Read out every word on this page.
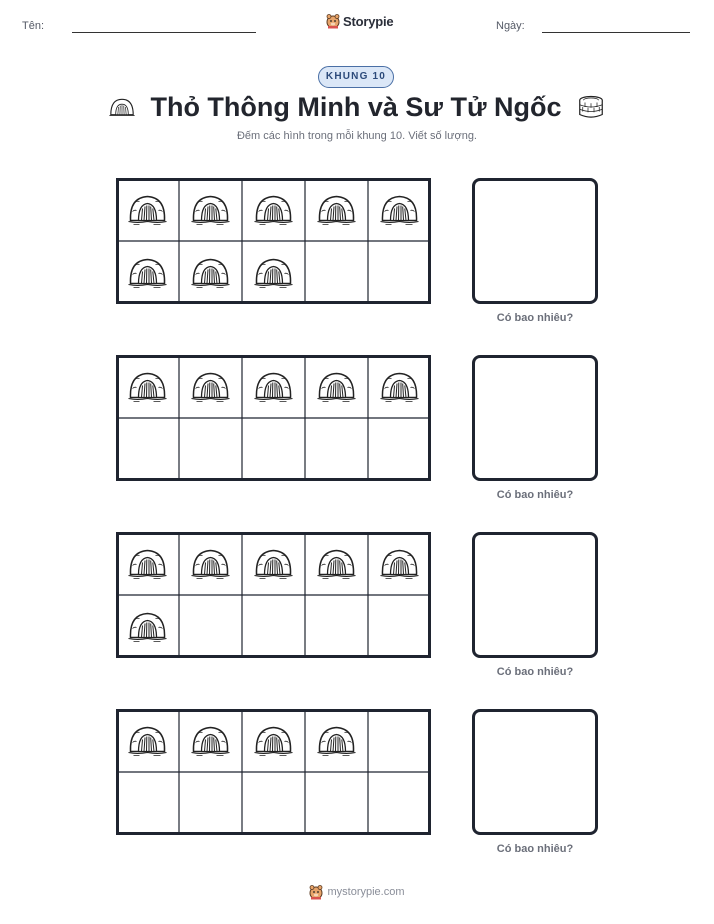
Tên:	Storypie	Ngày:
KHUNG 10
Thỏ Thông Minh và Sư Tử Ngốc
Đếm các hình trong mỗi khung 10. Viết số lượng.
Có bao nhiêu?
Có bao nhiêu?
Có bao nhiêu?
Có bao nhiêu?
mystorypie.com
